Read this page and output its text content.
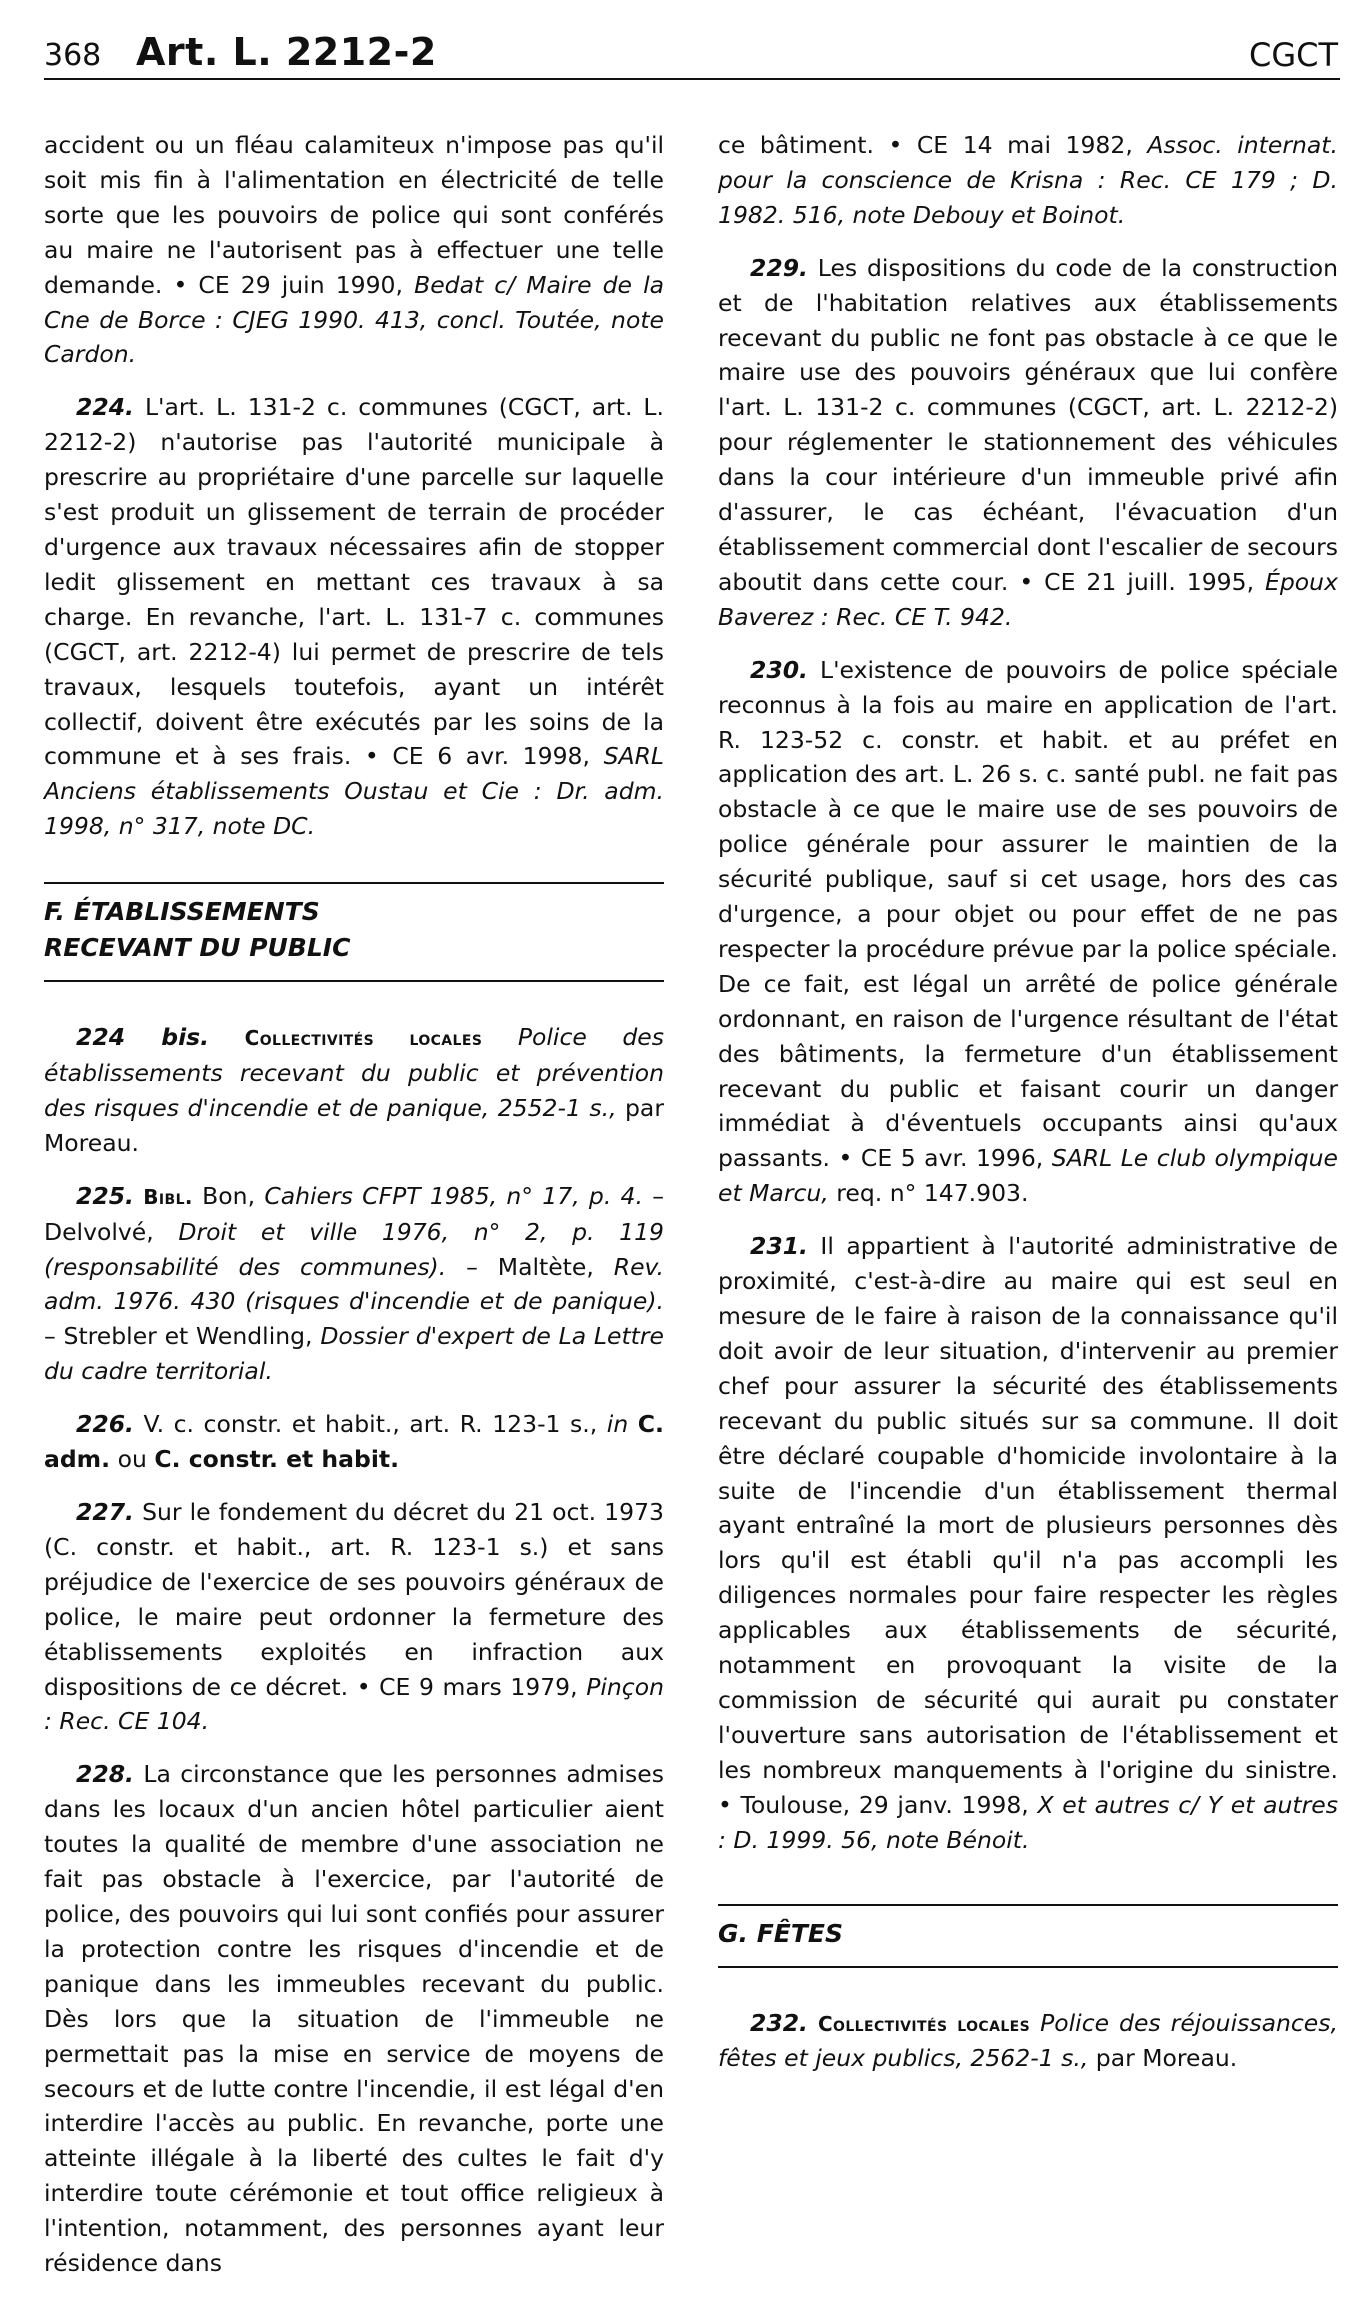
368 Art. L. 2212-2	CGCT

accident ou un fléau calamiteux n'impose pas qu'il soit mis fin à l'alimentation en électricité de telle sorte que les pouvoirs de police qui sont conférés au maire ne l'autorisent pas à effectuer une telle demande. • CE 29 juin 1990, Bedat c/ Maire de la Cne de Borce : CJEG 1990. 413, concl. Toutée, note Cardon.

224. L'art. L. 131-2 c. communes (CGCT, art. L. 2212-2) n'autorise pas l'autorité municipale à prescrire au propriétaire d'une parcelle sur laquelle s'est produit un glissement de terrain de procéder d'urgence aux travaux nécessaires afin de stopper ledit glissement en mettant ces travaux à sa charge. En revanche, l'art. L. 131-7 c. communes (CGCT, art. 2212-4) lui permet de prescrire de tels travaux, lesquels toutefois, ayant un intérêt collectif, doivent être exécutés par les soins de la commune et à ses frais. • CE 6 avr. 1998, SARL Anciens établissements Oustau et Cie : Dr. adm. 1998, n° 317, note DC.

F. ÉTABLISSEMENTS
RECEVANT DU PUBLIC

224 bis. Collectivités locales Police des établissements recevant du public et prévention des risques d'incendie et de panique, 2552-1 s., par Moreau.

225. Bibl. Bon, Cahiers CFPT 1985, n° 17, p. 4. – Delvolvé, Droit et ville 1976, n° 2, p. 119 (responsabilité des communes). – Maltète, Rev. adm. 1976. 430 (risques d'incendie et de panique). – Strebler et Wendling, Dossier d'expert de La Lettre du cadre territorial.

226. V. c. constr. et habit., art. R. 123-1 s., in C. adm. ou C. constr. et habit.

227. Sur le fondement du décret du 21 oct. 1973 (C. constr. et habit., art. R. 123-1 s.) et sans préjudice de l'exercice de ses pouvoirs généraux de police, le maire peut ordonner la fermeture des établissements exploités en infraction aux dispositions de ce décret. • CE 9 mars 1979, Pinçon : Rec. CE 104.

228. La circonstance que les personnes admises dans les locaux d'un ancien hôtel particulier aient toutes la qualité de membre d'une association ne fait pas obstacle à l'exercice, par l'autorité de police, des pouvoirs qui lui sont confiés pour assurer la protection contre les risques d'incendie et de panique dans les immeubles recevant du public. Dès lors que la situation de l'immeuble ne permettait pas la mise en service de moyens de secours et de lutte contre l'incendie, il est légal d'en interdire l'accès au public. En revanche, porte une atteinte illégale à la liberté des cultes le fait d'y interdire toute cérémonie et tout office religieux à l'intention, notamment, des personnes ayant leur résidence dans

ce bâtiment. • CE 14 mai 1982, Assoc. internat. pour la conscience de Krisna : Rec. CE 179 ; D. 1982. 516, note Debouy et Boinot.

229. Les dispositions du code de la construction et de l'habitation relatives aux établissements recevant du public ne font pas obstacle à ce que le maire use des pouvoirs généraux que lui confère l'art. L. 131-2 c. communes (CGCT, art. L. 2212-2) pour réglementer le stationnement des véhicules dans la cour intérieure d'un immeuble privé afin d'assurer, le cas échéant, l'évacuation d'un établissement commercial dont l'escalier de secours aboutit dans cette cour. • CE 21 juill. 1995, Époux Baverez : Rec. CE T. 942.

230. L'existence de pouvoirs de police spéciale reconnus à la fois au maire en application de l'art. R. 123-52 c. constr. et habit. et au préfet en application des art. L. 26 s. c. santé publ. ne fait pas obstacle à ce que le maire use de ses pouvoirs de police générale pour assurer le maintien de la sécurité publique, sauf si cet usage, hors des cas d'urgence, a pour objet ou pour effet de ne pas respecter la procédure prévue par la police spéciale. De ce fait, est légal un arrêté de police générale ordonnant, en raison de l'urgence résultant de l'état des bâtiments, la fermeture d'un établissement recevant du public et faisant courir un danger immédiat à d'éventuels occupants ainsi qu'aux passants. • CE 5 avr. 1996, SARL Le club olympique et Marcu, req. n° 147.903.

231. Il appartient à l'autorité administrative de proximité, c'est-à-dire au maire qui est seul en mesure de le faire à raison de la connaissance qu'il doit avoir de leur situation, d'intervenir au premier chef pour assurer la sécurité des établissements recevant du public situés sur sa commune. Il doit être déclaré coupable d'homicide involontaire à la suite de l'incendie d'un établissement thermal ayant entraîné la mort de plusieurs personnes dès lors qu'il est établi qu'il n'a pas accompli les diligences normales pour faire respecter les règles applicables aux établissements de sécurité, notamment en provoquant la visite de la commission de sécurité qui aurait pu constater l'ouverture sans autorisation de l'établissement et les nombreux manquements à l'origine du sinistre. • Toulouse, 29 janv. 1998, X et autres c/ Y et autres : D. 1999. 56, note Bénoit.

G. FÊTES

232. Collectivités locales Police des réjouissances, fêtes et jeux publics, 2562-1 s., par Moreau.
